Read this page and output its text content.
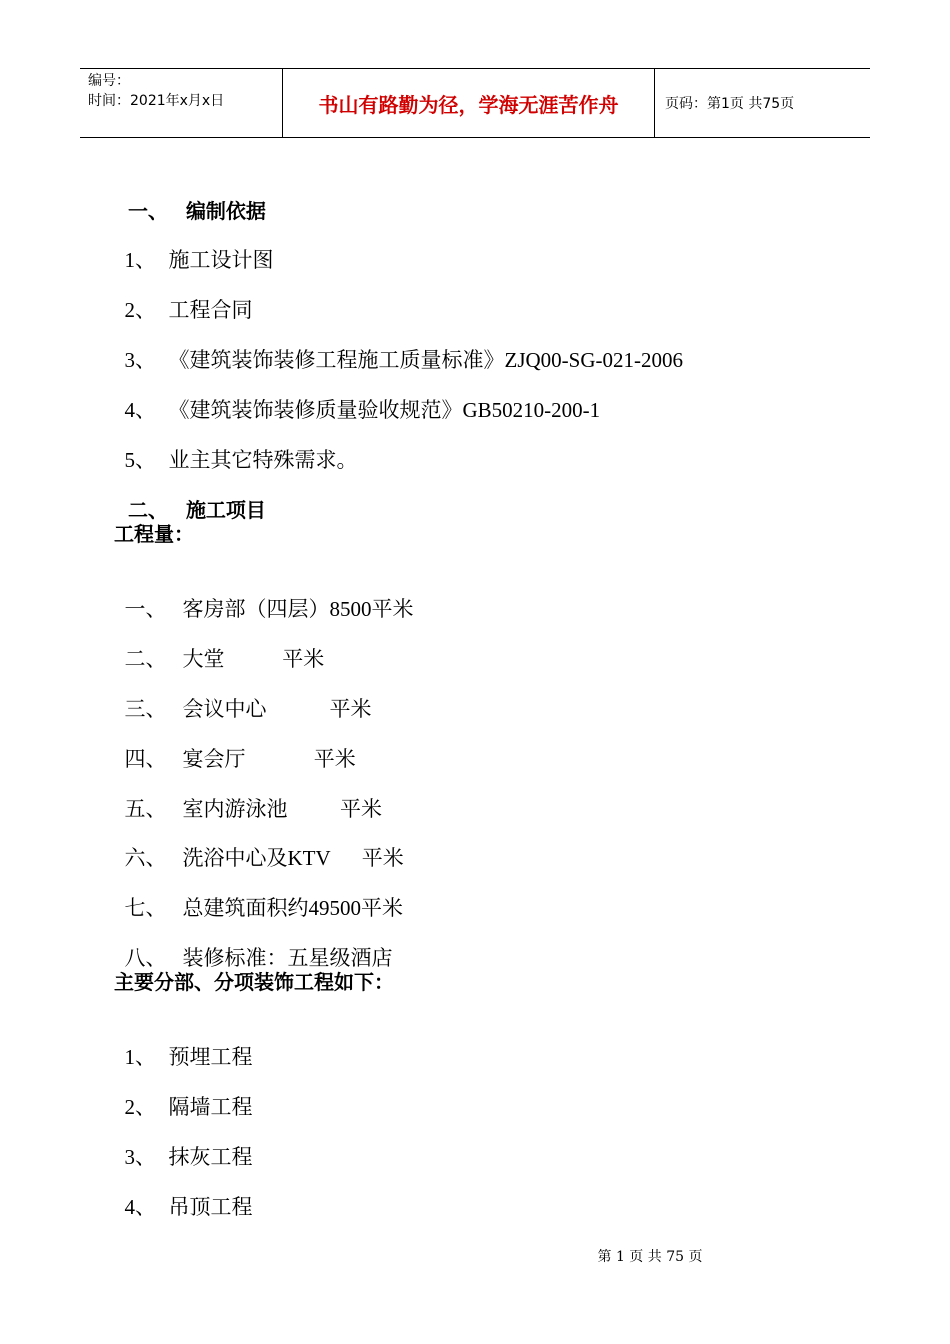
编号：
时间：2021年x月x日	书山有路勤为径，学海无涯苦作舟	页码：第1页 共75页

一、 编制依据

1、 施工设计图

2、 工程合同

3、 《建筑装饰装修工程施工质量标准》ZJQ00-SG-021-2006

4、 《建筑装饰装修质量验收规范》GB50210-200-1

5、 业主其它特殊需求。

二、 施工项目

工程量：

一、 客房部（四层）8500平米

二、 大堂           平米

三、 会议中心            平米

四、 宴会厅             平米

五、 室内游泳池          平米

六、 洗浴中心及KTV      平米

七、 总建筑面积约49500平米

八、 装修标准：五星级酒店

主要分部、分项装饰工程如下：

1、 预埋工程

2、 隔墙工程

3、 抹灰工程

4、 吊顶工程

第 1 页 共 75 页
